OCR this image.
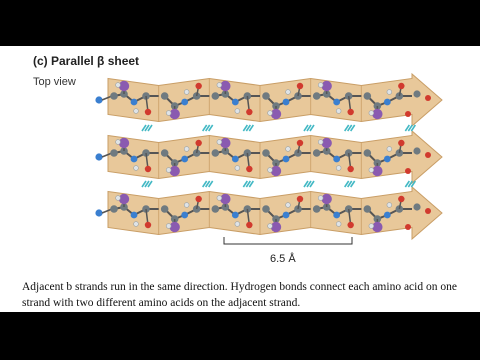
6.5 Å
(c) Parallel β sheet
Top view
Adjacent b strands run in the same direction. Hydrogen bonds connect each amino acid on one strand with two different amino acids on the adjacent strand.
